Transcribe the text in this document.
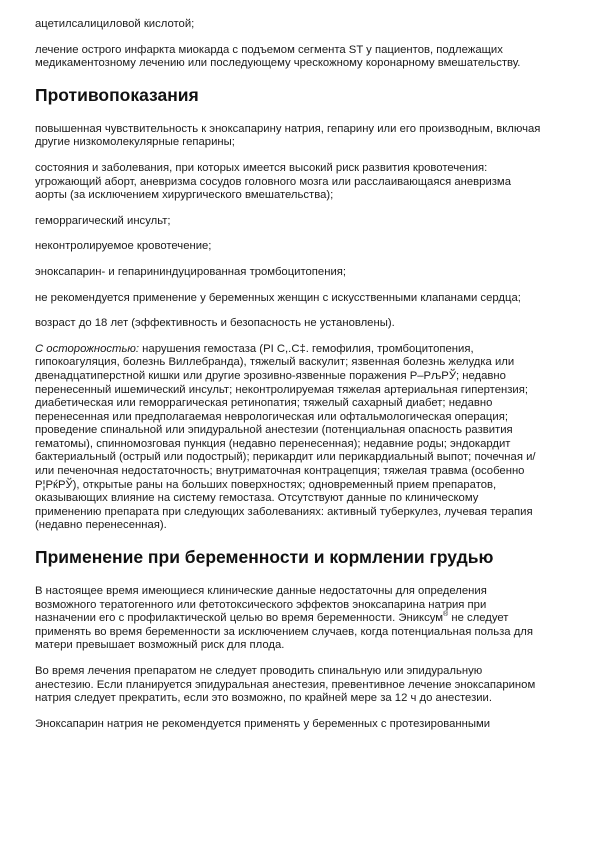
ацетилсалициловой кислотой;

лечение острого инфаркта миокарда с подъемом сегмента ST у пациентов, подлежащих медикаментозному лечению или последующему чрескожному коронарному вмешательству.

Противопоказания

повышенная чувствительность к эноксапарину натрия, гепарину или его производным, включая другие низкомолекулярные гепарины;

состояния и заболевания, при которых имеется высокий риск развития кровотечения: угрожающий аборт, аневризма сосудов головного мозга или расслаивающаяся аневризма аорты (за исключением хирургического вмешательства);

геморрагический инсульт;

неконтролируемое кровотечение;

эноксапарин- и гепарининдуцированная тромбоцитопения;

не рекомендуется применение у беременных женщин с искусственными клапанами сердца;

возраст до 18 лет (эффективность и безопасность не установлены).

С осторожностью: нарушения гемостаза (РI С,.С‡. гемофилия, тромбоцитопения, гипокоагуляция, болезнь Виллебранда), тяжелый васкулит; язвенная болезнь желудка или двенадцатиперстной кишки или другие эрозивно-язвенные поражения Р–РљРЎ; недавно перенесенный ишемический инсульт; неконтролируемая тяжелая артериальная гипертензия; диабетическая или геморрагическая ретинопатия; тяжелый сахарный диабет; недавно перенесенная или предполагаемая неврологическая или офтальмологическая операция; проведение спинальной или эпидуральной анестезии (потенциальная опасность развития гематомы), спинномозговая пункция (недавно перенесенная); недавние роды; эндокардит бактериальный (острый или подострый); перикардит или перикардиальный выпот; почечная и/или печеночная недостаточность; внутриматочная контрацепция; тяжелая травма (особенно Р¦РќРЎ), открытые раны на больших поверхностях; одновременный прием препаратов, оказывающих влияние на систему гемостаза. Отсутствуют данные по клиническому применению препарата при следующих заболеваниях: активный туберкулез, лучевая терапия (недавно перенесенная).

Применение при беременности и кормлении грудью

В настоящее время имеющиеся клинические данные недостаточны для определения возможного тератогенного или фетотоксического эффектов эноксапарина натрия при назначении его с профилактической целью во время беременности. Эниксум® не следует применять во время беременности за исключением случаев, когда потенциальная польза для матери превышает возможный риск для плода.

Во время лечения препаратом не следует проводить спинальную или эпидуральную анестезию. Если планируется эпидуральная анестезия, превентивное лечение эноксапарином натрия следует прекратить, если это возможно, по крайней мере за 12 ч до анестезии.

Эноксапарин натрия не рекомендуется применять у беременных с протезированными
